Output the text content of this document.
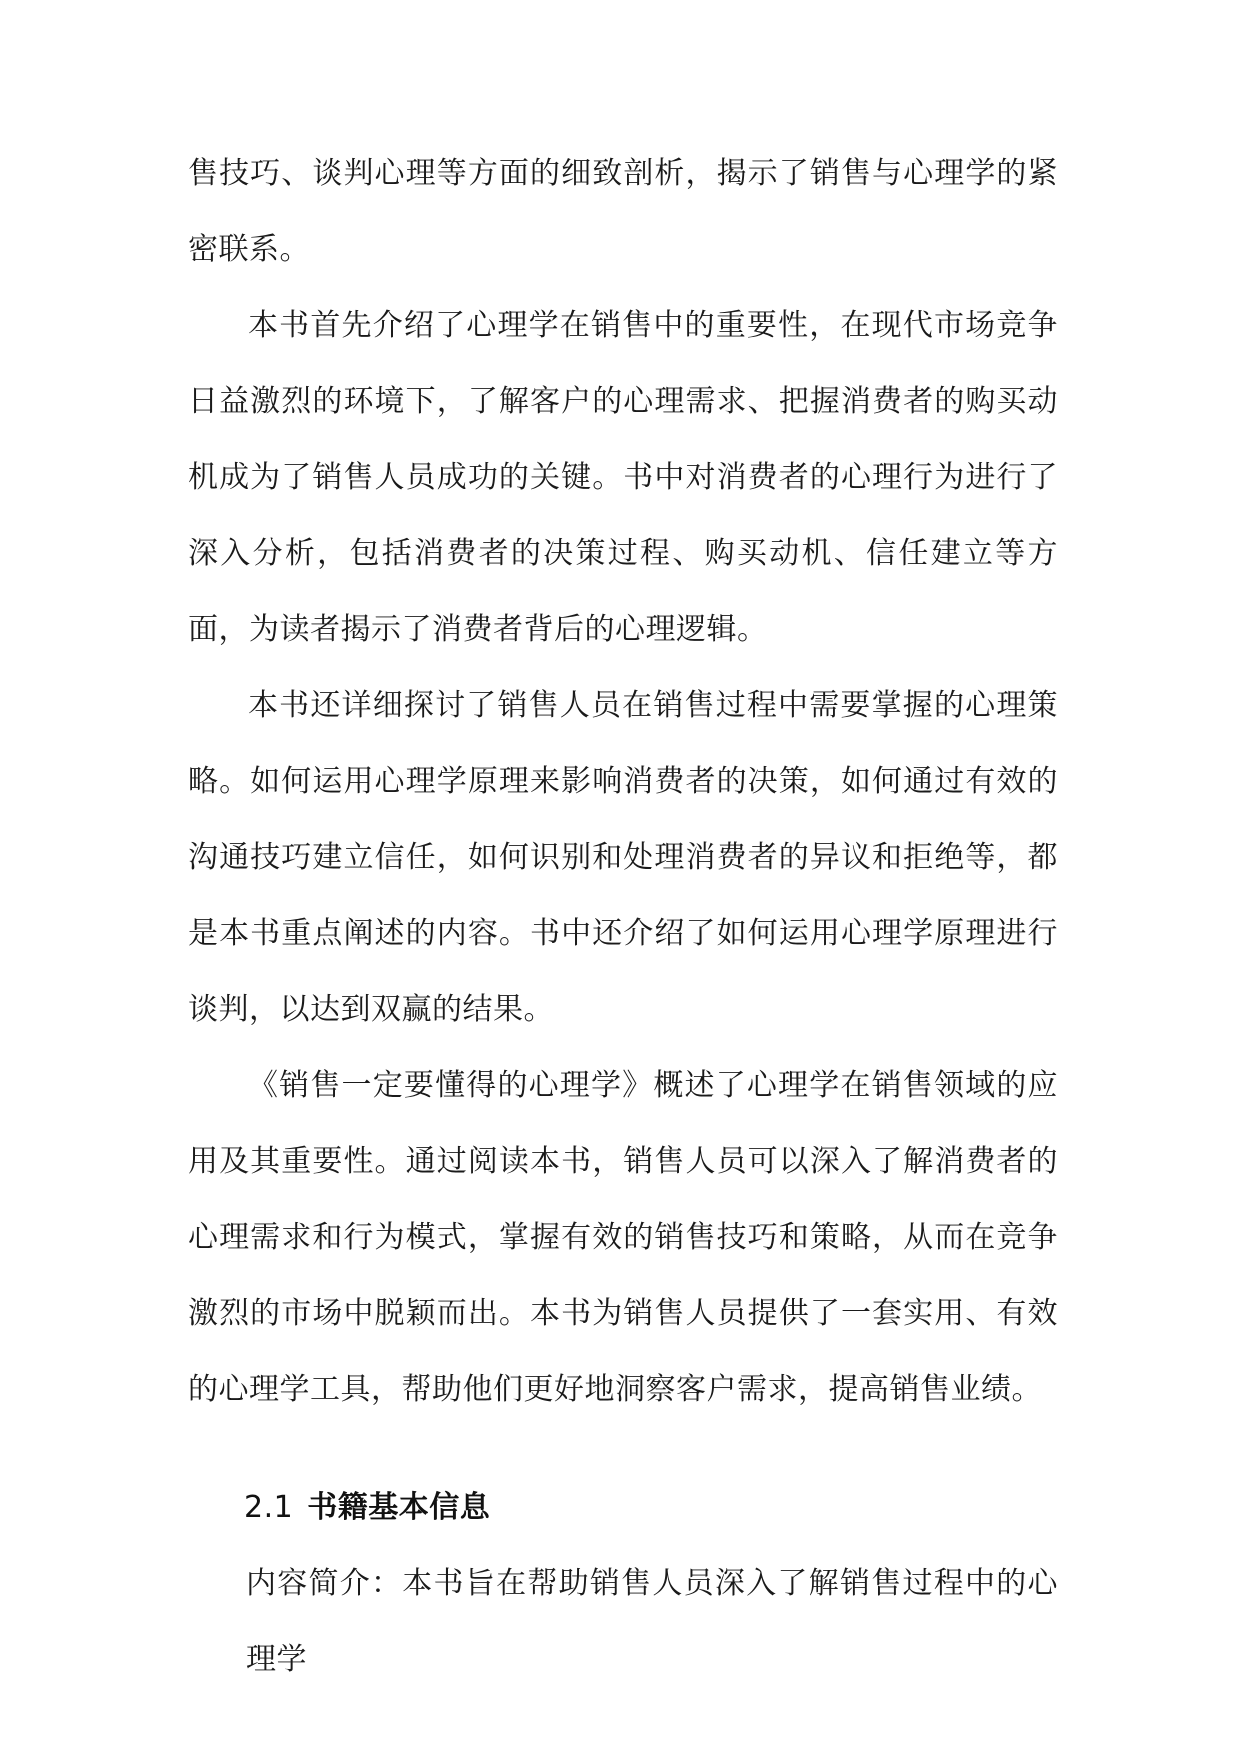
售技巧、谈判心理等方面的细致剖析，揭示了销售与心理学的紧密联系。

本书首先介绍了心理学在销售中的重要性，在现代市场竞争日益激烈的环境下，了解客户的心理需求、把握消费者的购买动机成为了销售人员成功的关键。书中对消费者的心理行为进行了深入分析，包括消费者的决策过程、购买动机、信任建立等方面，为读者揭示了消费者背后的心理逻辑。

本书还详细探讨了销售人员在销售过程中需要掌握的心理策略。如何运用心理学原理来影响消费者的决策，如何通过有效的沟通技巧建立信任，如何识别和处理消费者的异议和拒绝等，都是本书重点阐述的内容。书中还介绍了如何运用心理学原理进行谈判，以达到双赢的结果。

《销售一定要懂得的心理学》概述了心理学在销售领域的应用及其重要性。通过阅读本书，销售人员可以深入了解消费者的心理需求和行为模式，掌握有效的销售技巧和策略，从而在竞争激烈的市场中脱颖而出。本书为销售人员提供了一套实用、有效的心理学工具，帮助他们更好地洞察客户需求，提高销售业绩。

2.1 书籍基本信息

内容简介：本书旨在帮助销售人员深入了解销售过程中的心理学
